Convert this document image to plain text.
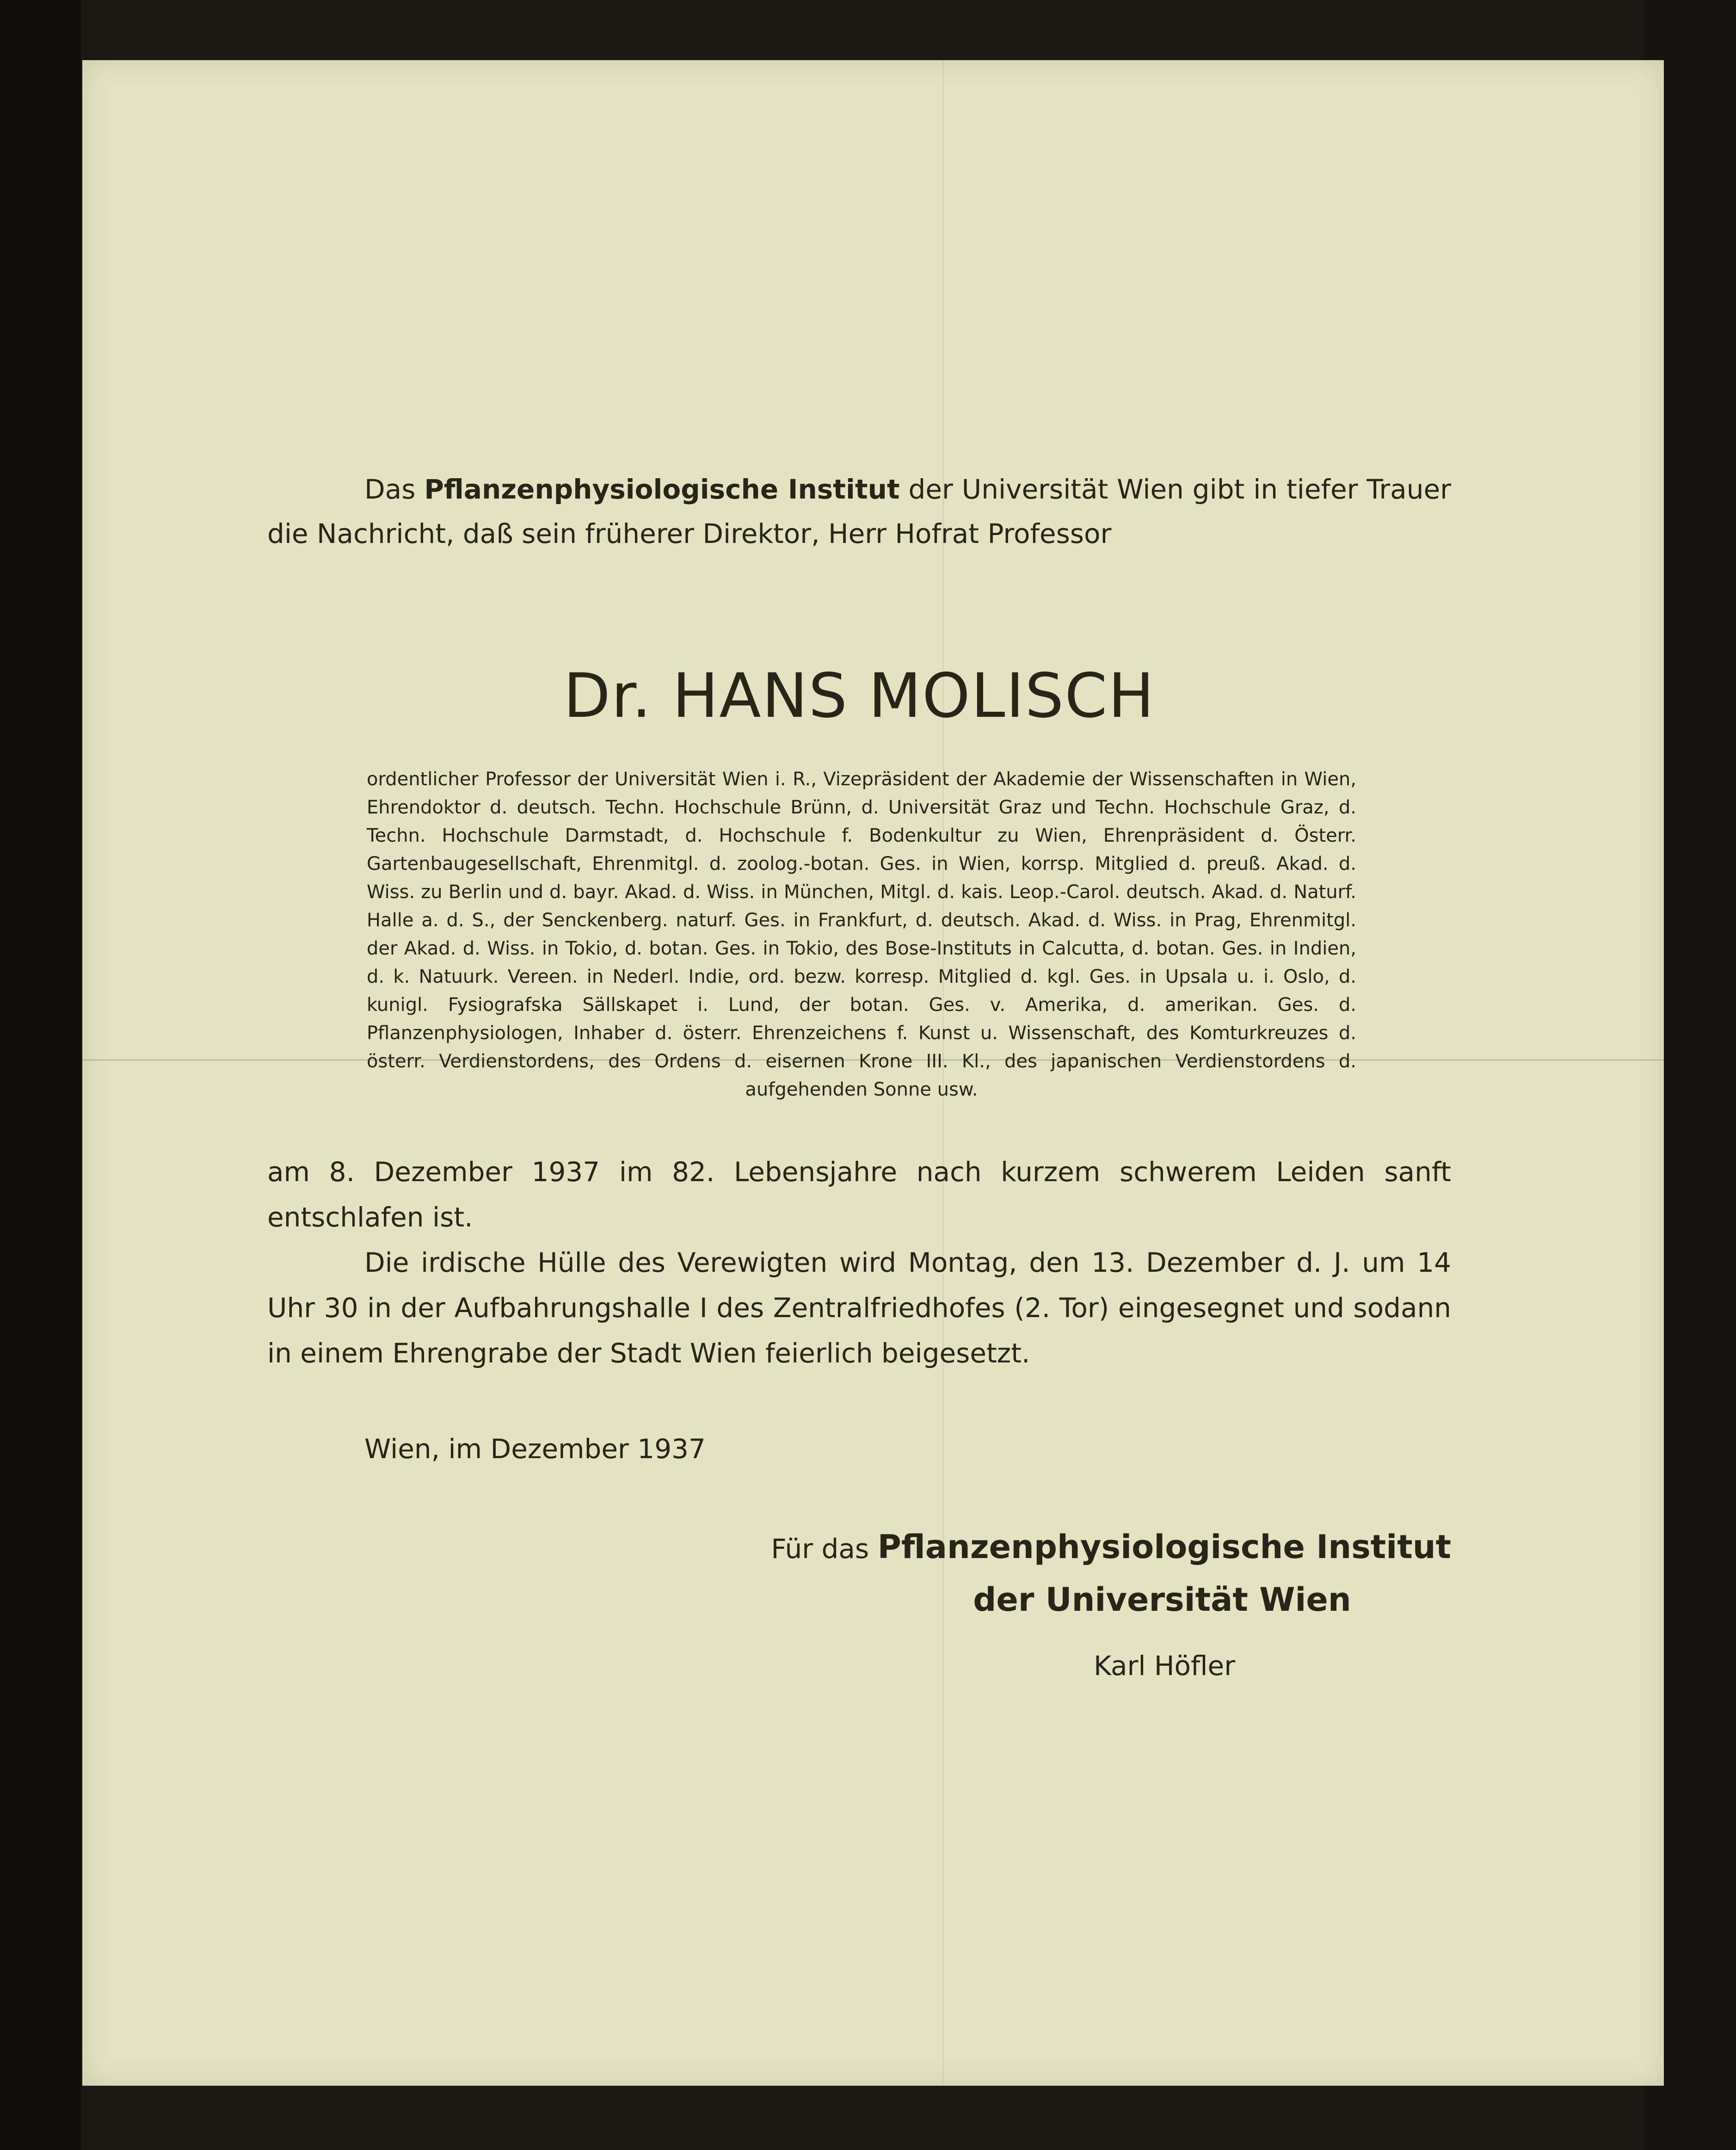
Das Pflanzenphysiologische Institut der Universität Wien gibt in tiefer Trauer die Nachricht, daß sein früherer Direktor, Herr Hofrat Professor
Dr. HANS MOLISCH
ordentlicher Professor der Universität Wien i. R., Vizepräsident der Akademie der Wissenschaften in Wien, Ehrendoktor d. deutsch. Techn. Hochschule Brünn, d. Universität Graz und Techn. Hochschule Graz, d. Techn. Hochschule Darmstadt, d. Hochschule f. Bodenkultur zu Wien, Ehrenpräsident d. Österr. Gartenbaugesellschaft, Ehrenmitgl. d. zoolog.-botan. Ges. in Wien, korrsp. Mitglied d. preuß. Akad. d. Wiss. zu Berlin und d. bayr. Akad. d. Wiss. in München, Mitgl. d. kais. Leop.-Carol. deutsch. Akad. d. Naturf. Halle a. d. S., der Senckenberg. naturf. Ges. in Frankfurt, d. deutsch. Akad. d. Wiss. in Prag, Ehrenmitgl. der Akad. d. Wiss. in Tokio, d. botan. Ges. in Tokio, des Bose-Instituts in Calcutta, d. botan. Ges. in Indien, d. k. Natuurk. Vereen. in Nederl. Indie, ord. bezw. korresp. Mitglied d. kgl. Ges. in Upsala u. i. Oslo, d. kunigl. Fysiografska Sällskapet i. Lund, der botan. Ges. v. Amerika, d. amerikan. Ges. d. Pflanzenphysiologen, Inhaber d. österr. Ehrenzeichens f. Kunst u. Wissenschaft, des Komturkreuzes d. österr. Verdienstordens, des Ordens d. eisernen Krone III. Kl., des japanischen Verdienstordens d. aufgehenden Sonne usw.

am 8. Dezember 1937 im 82. Lebensjahre nach kurzem schwerem Leiden sanft entschlafen ist.

Die irdische Hülle des Verewigten wird Montag, den 13. Dezember d. J. um 14 Uhr 30 in der Aufbahrungshalle I des Zentralfriedhofes (2. Tor) eingesegnet und sodann in einem Ehrengrabe der Stadt Wien feierlich beigesetzt.

Wien, im Dezember 1937
Für das Pflanzenphysiologische Institut
der Universität Wien
Karl Höfler
